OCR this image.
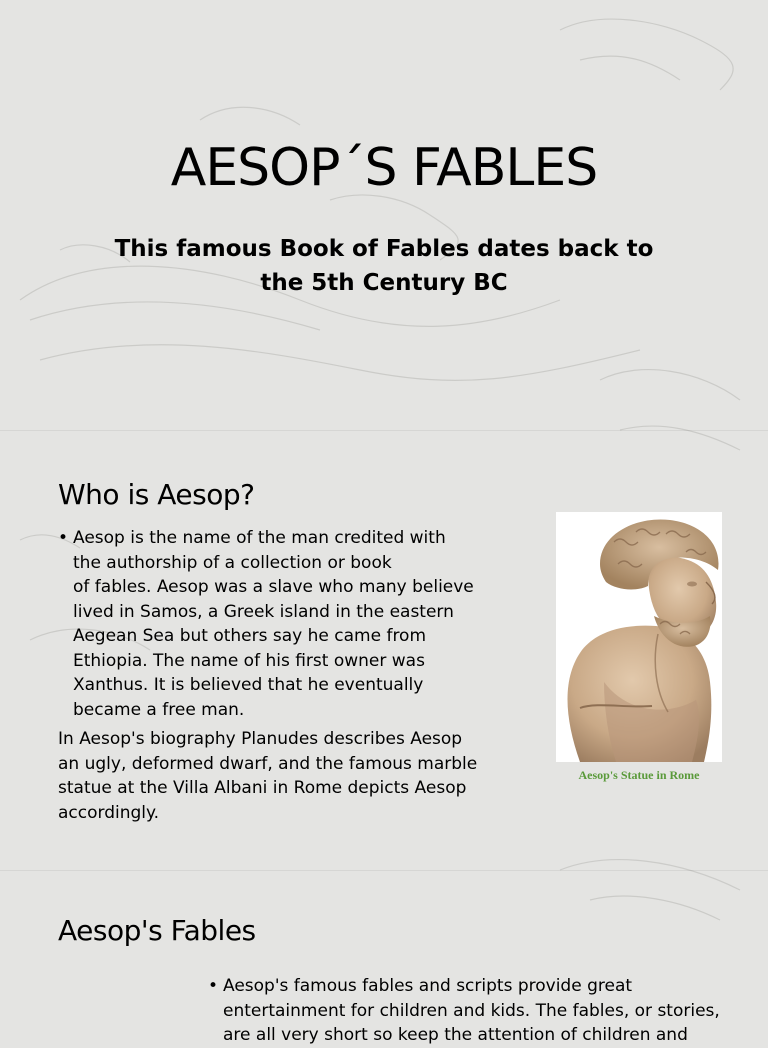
AESOP´S FABLES
This famous Book of Fables dates back to
the 5th Century BC
Who is Aesop?
• Aesop is the name of the man credited with
the authorship of a collection or book
of fables. Aesop was a slave who many believe
lived in Samos, a Greek island in the eastern
Aegean Sea but others say he came from
Ethiopia. The name of his first owner was
Xanthus. It is believed that he eventually
became a free man.
In Aesop's biography Planudes describes Aesop
an ugly, deformed dwarf, and the famous marble
statue at the Villa Albani in Rome depicts Aesop
accordingly.
Aesop's Statue in Rome
Aesop's Fables
• Aesop's famous fables and scripts provide great
entertainment for children and kids. The fables, or stories,
are all very short so keep the attention of children and
